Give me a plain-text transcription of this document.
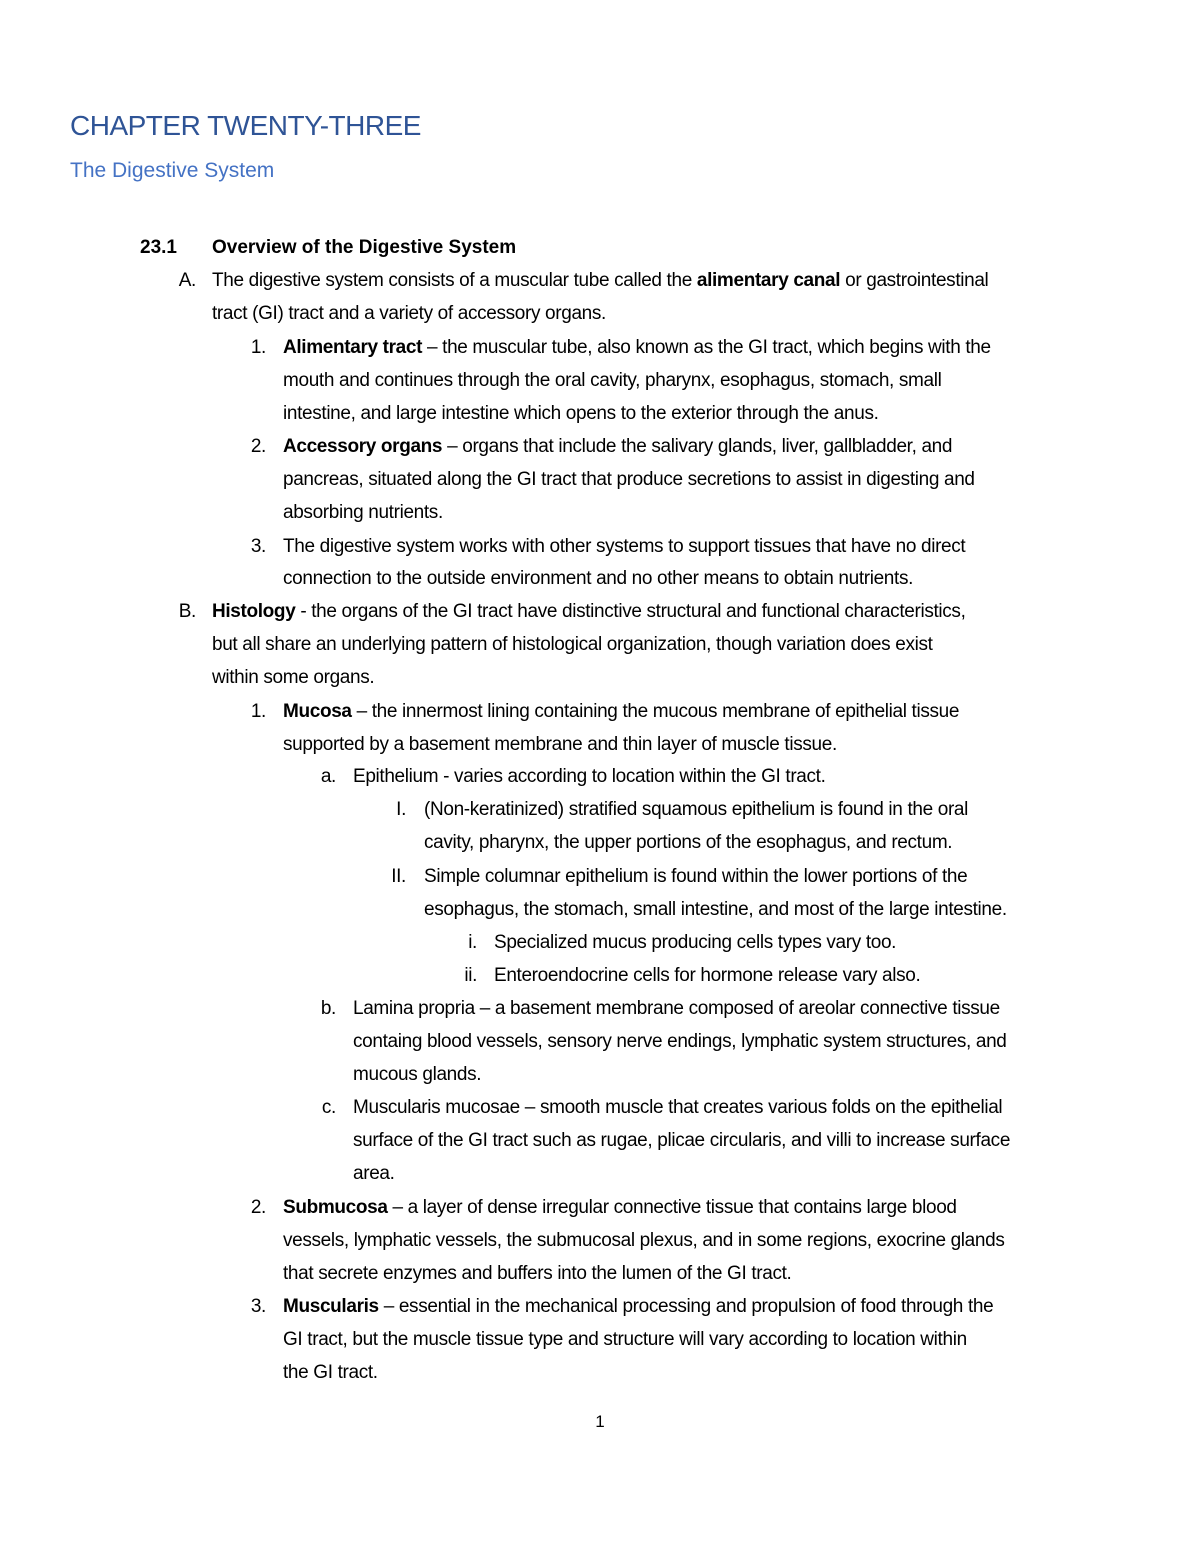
CHAPTER TWENTY-THREE
The Digestive System
23.1 Overview of the Digestive System
A. The digestive system consists of a muscular tube called the alimentary canal or gastrointestinal
tract (GI) tract and a variety of accessory organs.
1. Alimentary tract – the muscular tube, also known as the GI tract, which begins with the
mouth and continues through the oral cavity, pharynx, esophagus, stomach, small
intestine, and large intestine which opens to the exterior through the anus.
2. Accessory organs – organs that include the salivary glands, liver, gallbladder, and
pancreas, situated along the GI tract that produce secretions to assist in digesting and
absorbing nutrients.
3. The digestive system works with other systems to support tissues that have no direct
connection to the outside environment and no other means to obtain nutrients.
B. Histology - the organs of the GI tract have distinctive structural and functional characteristics,
but all share an underlying pattern of histological organization, though variation does exist
within some organs.
1. Mucosa – the innermost lining containing the mucous membrane of epithelial tissue
supported by a basement membrane and thin layer of muscle tissue.
a. Epithelium - varies according to location within the GI tract.
I. (Non-keratinized) stratified squamous epithelium is found in the oral
cavity, pharynx, the upper portions of the esophagus, and rectum.
II. Simple columnar epithelium is found within the lower portions of the
esophagus, the stomach, small intestine, and most of the large intestine.
i. Specialized mucus producing cells types vary too.
ii. Enteroendocrine cells for hormone release vary also.
b. Lamina propria – a basement membrane composed of areolar connective tissue
containg blood vessels, sensory nerve endings, lymphatic system structures, and
mucous glands.
c. Muscularis mucosae – smooth muscle that creates various folds on the epithelial
surface of the GI tract such as rugae, plicae circularis, and villi to increase surface
area.
2. Submucosa – a layer of dense irregular connective tissue that contains large blood
vessels, lymphatic vessels, the submucosal plexus, and in some regions, exocrine glands
that secrete enzymes and buffers into the lumen of the GI tract.
3. Muscularis – essential in the mechanical processing and propulsion of food through the
GI tract, but the muscle tissue type and structure will vary according to location within
the GI tract.
1
